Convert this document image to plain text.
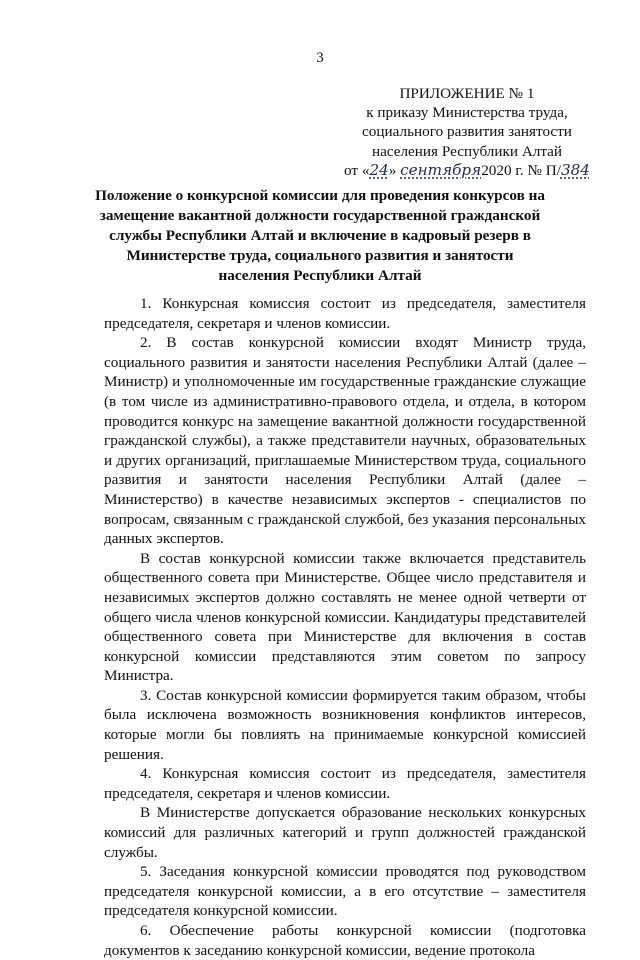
3
ПРИЛОЖЕНИЕ № 1
к приказу Министерства труда,
социального развития занятости
населения Республики Алтай
от «24» сентября2020 г. № П/384
Положение о конкурсной комиссии для проведения конкурсов на замещение вакантной должности государственной гражданской службы Республики Алтай и включение в кадровый резерв в Министерстве труда, социального развития и занятости населения Республики Алтай

1. Конкурсная комиссия состоит из председателя, заместителя председателя, секретаря и членов комиссии.

2. В состав конкурсной комиссии входят Министр труда, социального развития и занятости населения Республики Алтай (далее – Министр) и уполномоченные им государственные гражданские служащие (в том числе из административно-правового отдела, и отдела, в котором проводится конкурс на замещение вакантной должности государственной гражданской службы), а также представители научных, образовательных и других организаций, приглашаемые Министерством труда, социального развития и занятости населения Республики Алтай (далее – Министерство) в качестве независимых экспертов - специалистов по вопросам, связанным с гражданской службой, без указания персональных данных экспертов.

В состав конкурсной комиссии также включается представитель общественного совета при Министерстве. Общее число представителя и независимых экспертов должно составлять не менее одной четверти от общего числа членов конкурсной комиссии. Кандидатуры представителей общественного совета при Министерстве для включения в состав конкурсной комиссии представляются этим советом по запросу Министра.

3. Состав конкурсной комиссии формируется таким образом, чтобы была исключена возможность возникновения конфликтов интересов, которые могли бы повлиять на принимаемые конкурсной комиссией решения.

4. Конкурсная комиссия состоит из председателя, заместителя председателя, секретаря и членов комиссии.

В Министерстве допускается образование нескольких конкурсных комиссий для различных категорий и групп должностей гражданской службы.

5. Заседания конкурсной комиссии проводятся под руководством председателя конкурсной комиссии, а в его отсутствие – заместителя председателя конкурсной комиссии.

6. Обеспечение работы конкурсной комиссии (подготовка документов к заседанию конкурсной комиссии, ведение протокола
